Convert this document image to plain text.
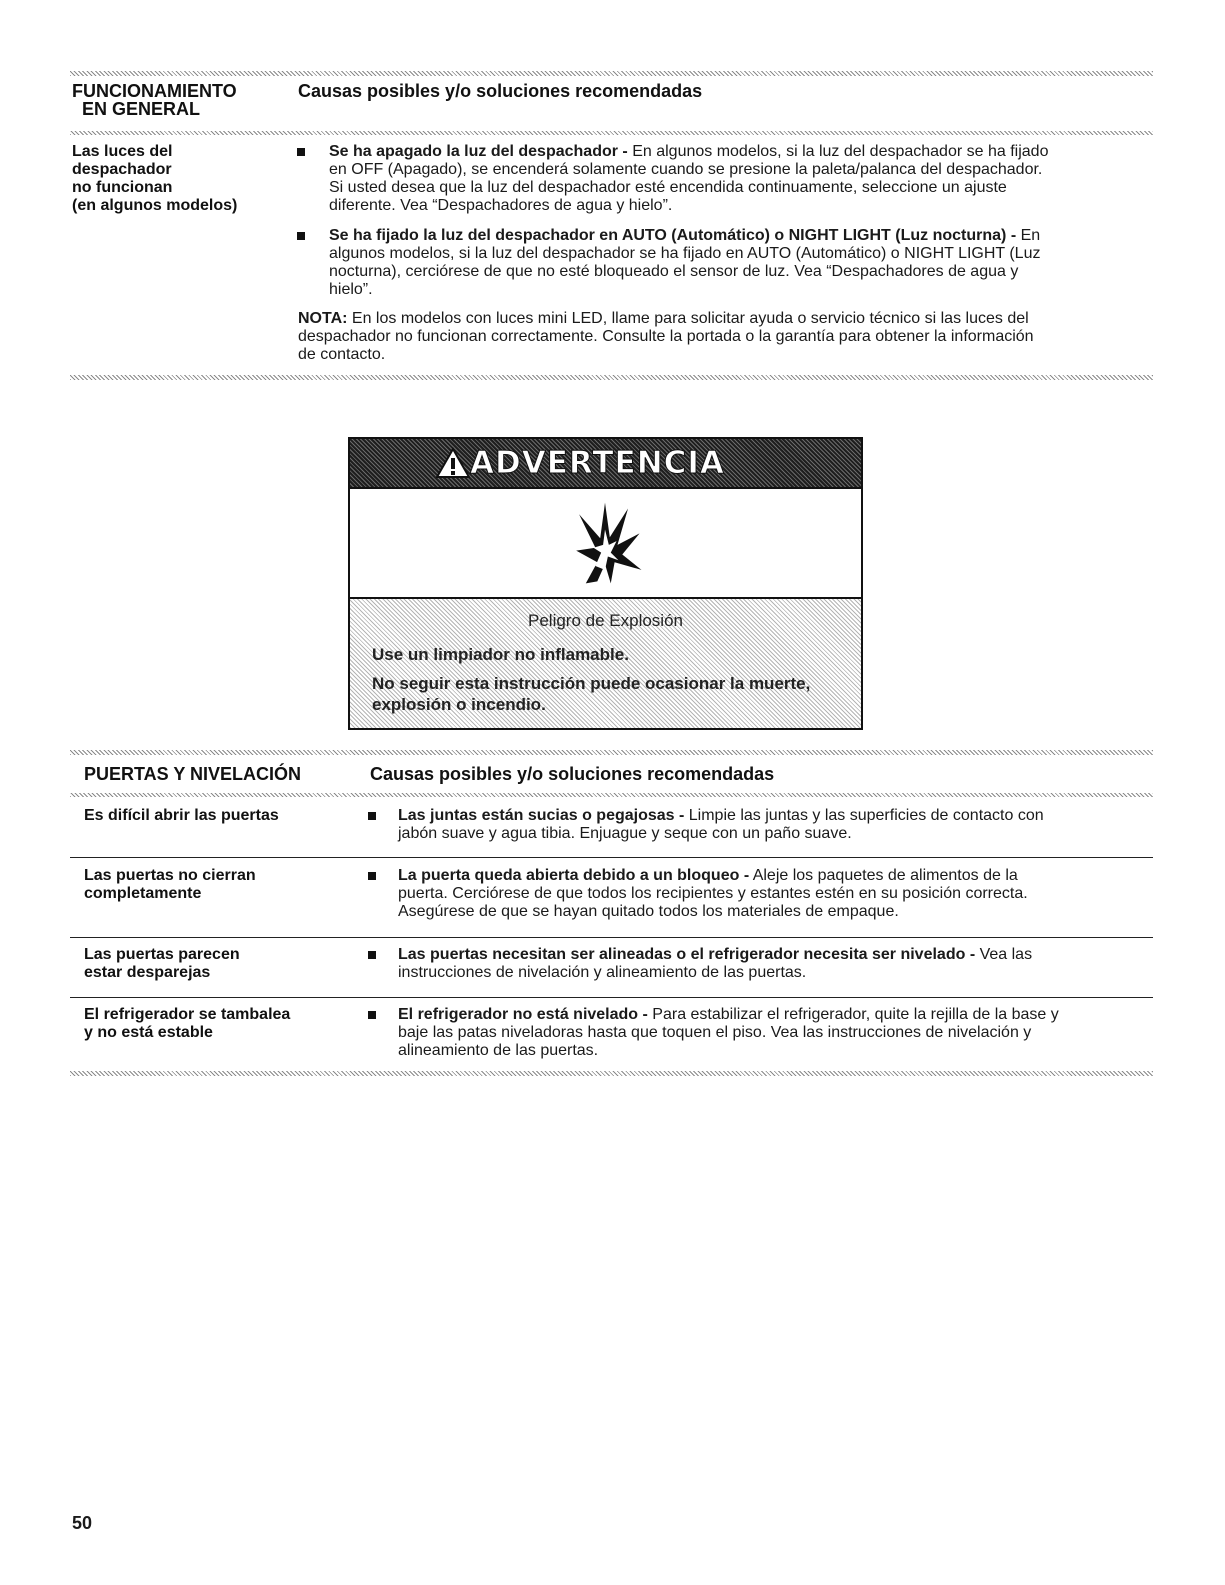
FUNCIONAMIENTO
EN GENERAL
Causas posibles y/o soluciones recomendadas
Las luces del
despachador
no funcionan
(en algunos modelos)
Se ha apagado la luz del despachador - En algunos modelos, si la luz del despachador se ha fijado
en OFF (Apagado), se encenderá solamente cuando se presione la paleta/palanca del despachador.
Si usted desea que la luz del despachador esté encendida continuamente, seleccione un ajuste
diferente. Vea “Despachadores de agua y hielo”.
Se ha fijado la luz del despachador en AUTO (Automático) o NIGHT LIGHT (Luz nocturna) - En
algunos modelos, si la luz del despachador se ha fijado en AUTO (Automático) o NIGHT LIGHT (Luz
nocturna), cerciórese de que no esté bloqueado el sensor de luz. Vea “Despachadores de agua y
hielo”.
NOTA: En los modelos con luces mini LED, llame para solicitar ayuda o servicio técnico si las luces del
despachador no funcionan correctamente. Consulte la portada o la garantía para obtener la información
de contacto.
ADVERTENCIA
Peligro de Explosión
Use un limpiador no inflamable.
No seguir esta instrucción puede ocasionar la muerte,
explosión o incendio.
PUERTAS Y NIVELACIÓN	Causas posibles y/o soluciones recomendadas
Es difícil abrir las puertas	Las juntas están sucias o pegajosas - Limpie las juntas y las superficies de contacto con
jabón suave y agua tibia. Enjuague y seque con un paño suave.
Las puertas no cierran
completamente
La puerta queda abierta debido a un bloqueo - Aleje los paquetes de alimentos de la
puerta. Cerciórese de que todos los recipientes y estantes estén en su posición correcta.
Asegúrese de que se hayan quitado todos los materiales de empaque.
Las puertas parecen
estar desparejas
Las puertas necesitan ser alineadas o el refrigerador necesita ser nivelado - Vea las
instrucciones de nivelación y alineamiento de las puertas.
El refrigerador se tambalea
y no está estable
El refrigerador no está nivelado - Para estabilizar el refrigerador, quite la rejilla de la base y
baje las patas niveladoras hasta que toquen el piso. Vea las instrucciones de nivelación y
alineamiento de las puertas.
50
